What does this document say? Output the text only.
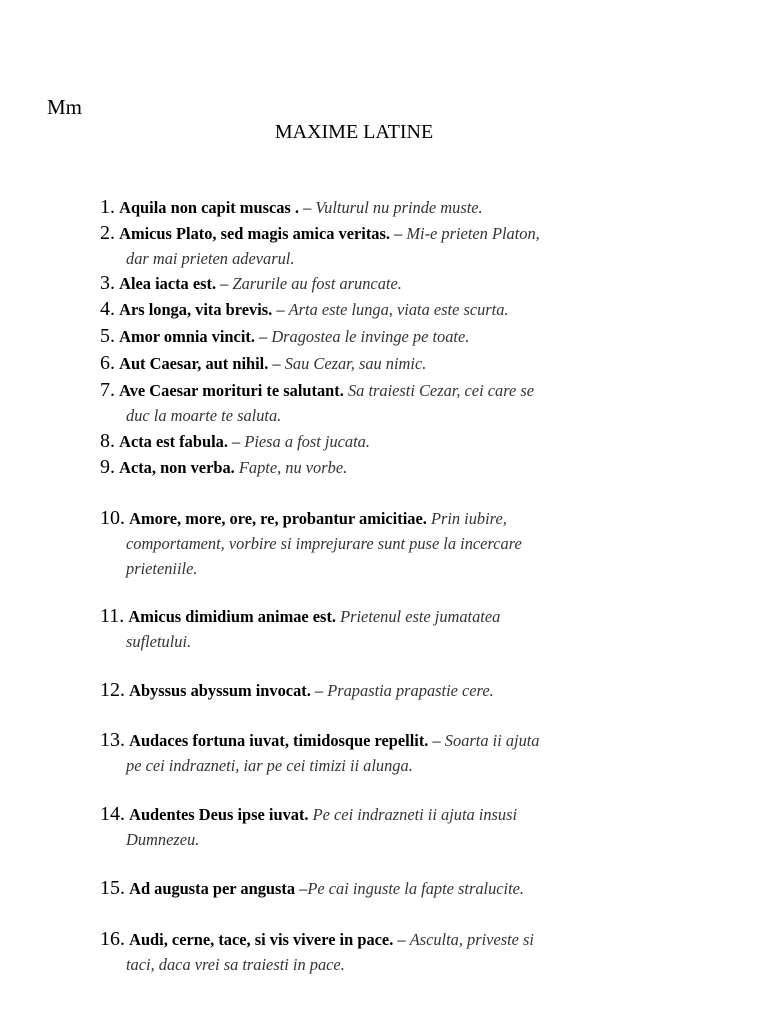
Mm
MAXIME LATINE
1. Aquila non capit muscas . – Vulturul nu prinde muste.
2. Amicus Plato, sed magis amica veritas. – Mi-e prieten Platon,
dar mai prieten adevarul.
3. Alea iacta est. – Zarurile au fost aruncate.
4. Ars longa, vita brevis. – Arta este lunga, viata este scurta.
5. Amor omnia vincit. – Dragostea le invinge pe toate.
6. Aut Caesar, aut nihil. – Sau Cezar, sau nimic.
7. Ave Caesar morituri te salutant. Sa traiesti Cezar, cei care se
duc la moarte te saluta.
8. Acta est fabula. – Piesa a fost jucata.
9. Acta, non verba. Fapte, nu vorbe.
10. Amore, more, ore, re, probantur amicitiae. Prin iubire,
comportament, vorbire si imprejurare sunt puse la incercare
prieteniile.
11. Amicus dimidium animae est. Prietenul este jumatatea
sufletului.
12. Abyssus abyssum invocat. – Prapastia prapastie cere.
13. Audaces fortuna iuvat, timidosque repellit. – Soarta ii ajuta
pe cei indrazneti, iar pe cei timizi ii alunga.
14. Audentes Deus ipse iuvat. Pe cei indrazneti ii ajuta insusi
Dumnezeu.
15. Ad augusta per angusta –Pe cai inguste la fapte stralucite.
16. Audi, cerne, tace, si vis vivere in pace. – Asculta, priveste si
taci, daca vrei sa traiesti in pace.
